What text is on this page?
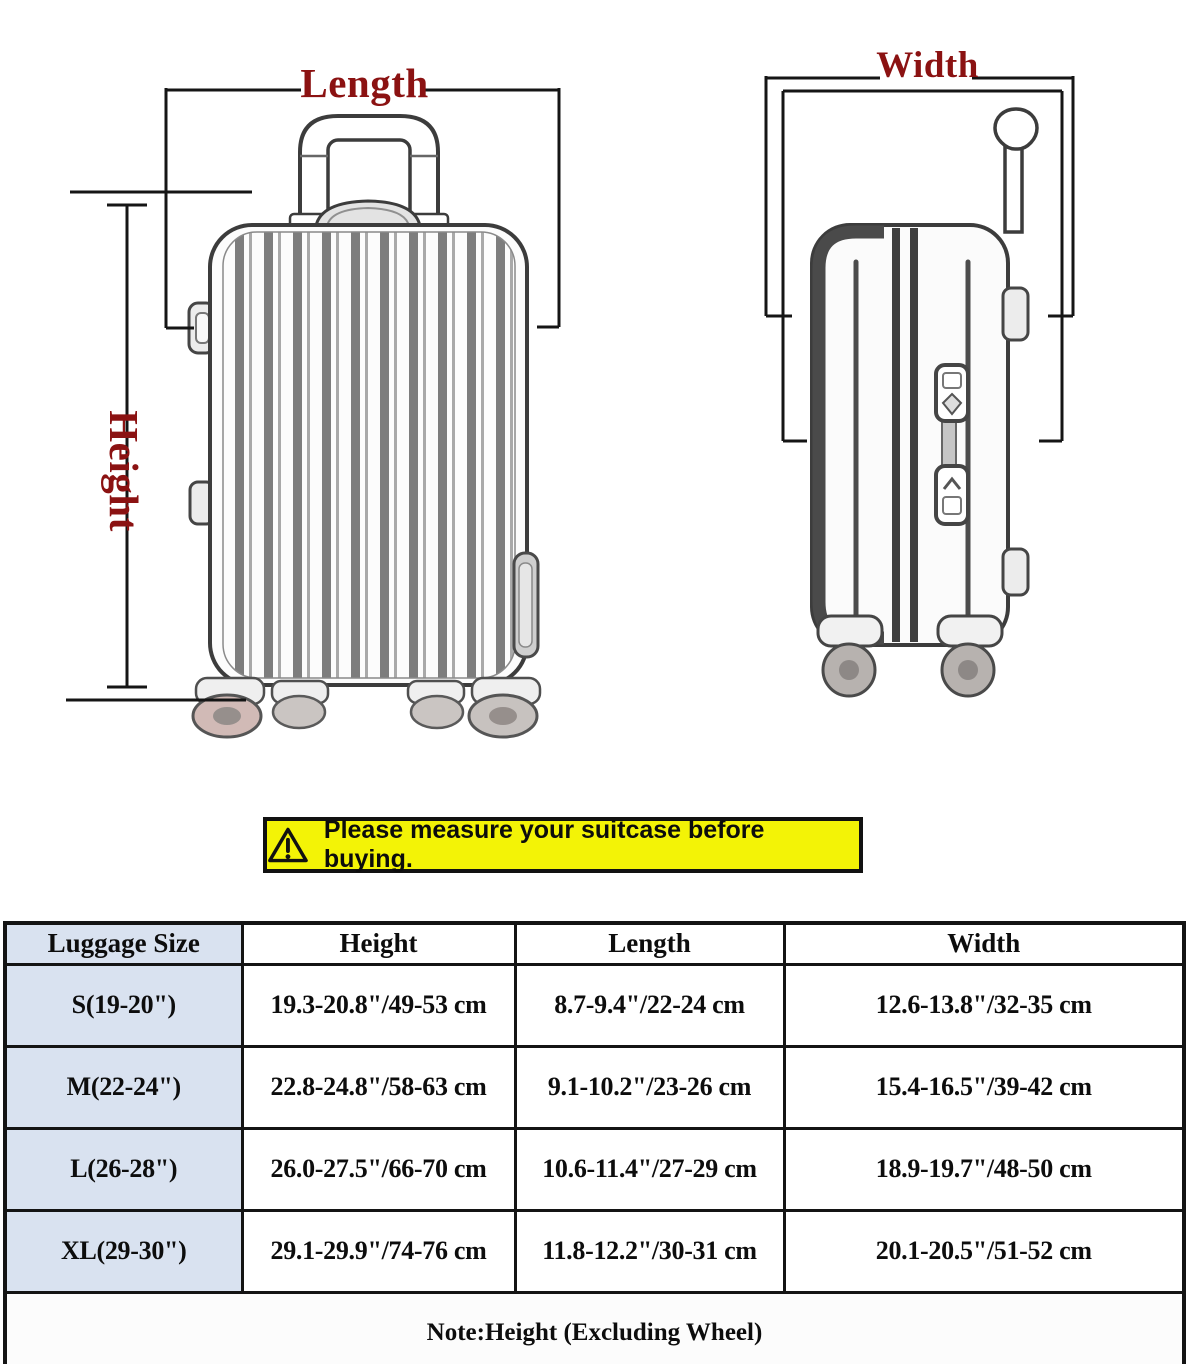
Length	Width
Height
Please measure your suitcase before buying.
Luggage Size	Height	Length	Width
S(19-20")	19.3-20.8"/49-53 cm	8.7-9.4"/22-24 cm	12.6-13.8"/32-35 cm
M(22-24")	22.8-24.8"/58-63 cm	9.1-10.2"/23-26 cm	15.4-16.5"/39-42 cm
L(26-28")	26.0-27.5"/66-70 cm	10.6-11.4"/27-29 cm	18.9-19.7"/48-50 cm
XL(29-30")	29.1-29.9"/74-76 cm	11.8-12.2"/30-31 cm	20.1-20.5"/51-52 cm
Note:Height (Excluding Wheel)			
